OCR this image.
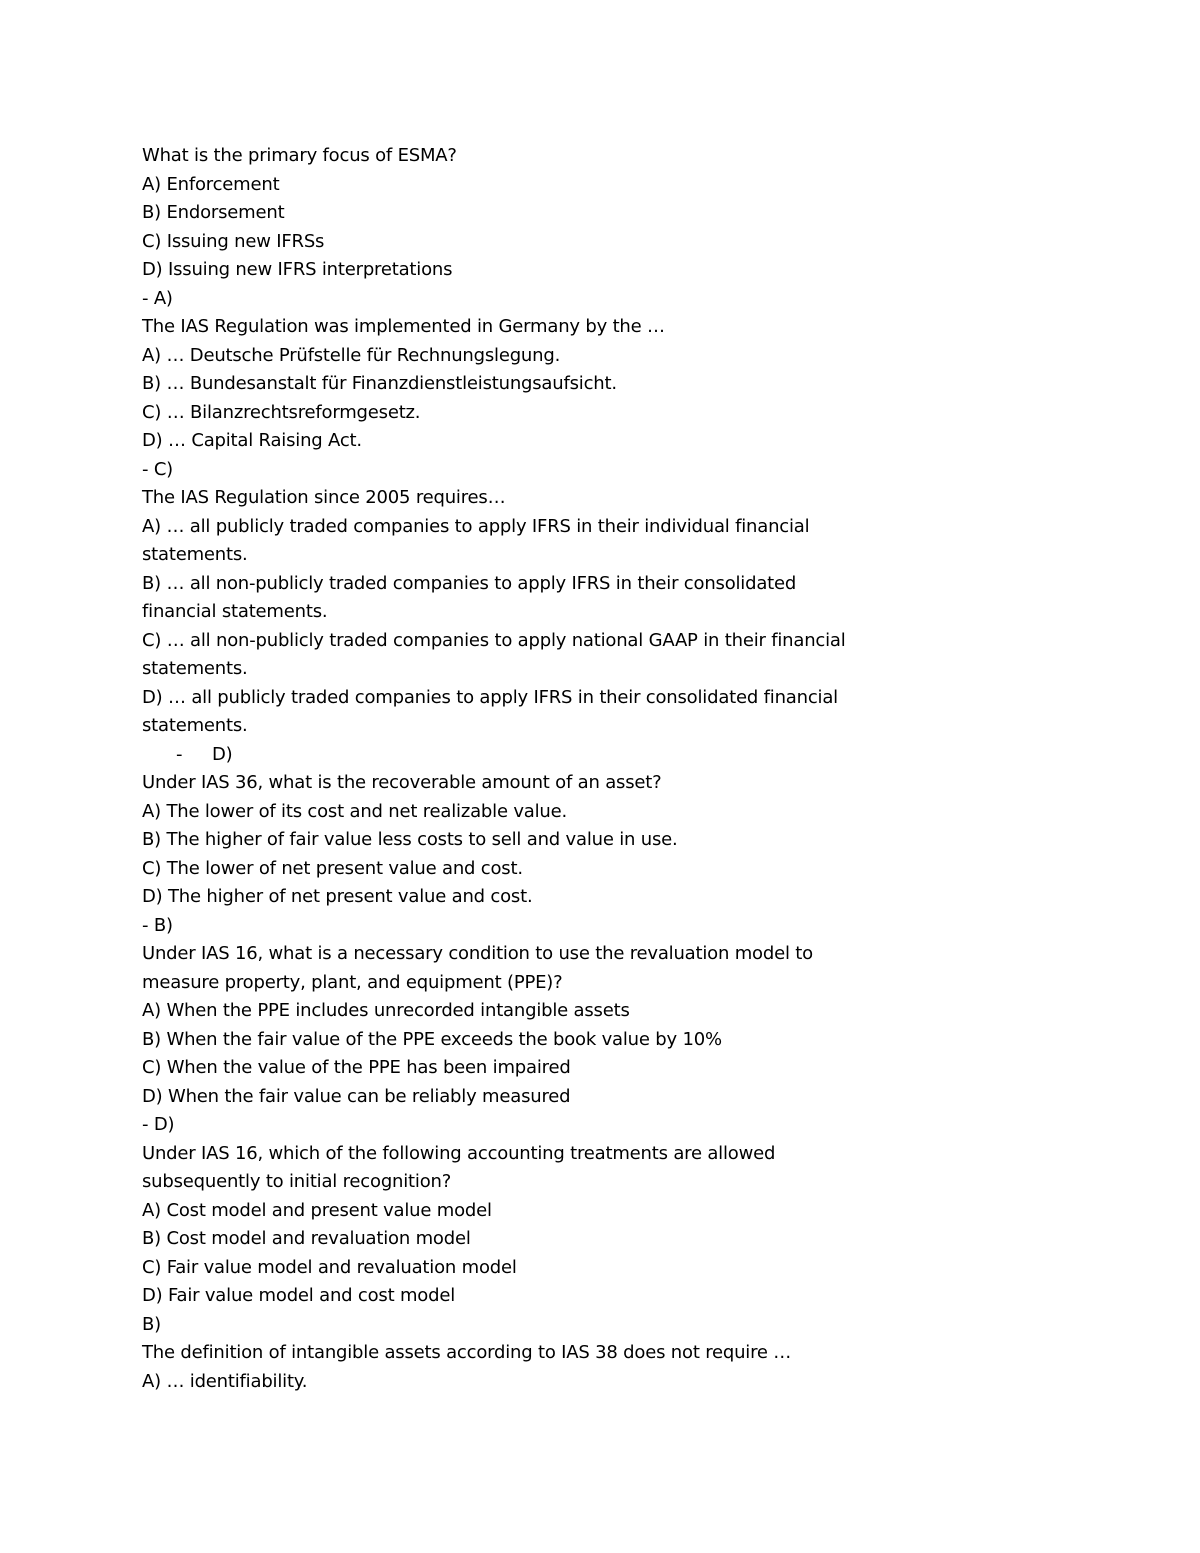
What is the primary focus of ESMA?

A) Enforcement

B) Endorsement

C) Issuing new IFRSs

D) Issuing new IFRS interpretations

- A)

The IAS Regulation was implemented in Germany by the …

A) … Deutsche Prüfstelle für Rechnungslegung.

B) … Bundesanstalt für Finanzdienstleistungsaufsicht.

C) … Bilanzrechtsreformgesetz.

D) … Capital Raising Act.

- C)

The IAS Regulation since 2005 requires…

A) … all publicly traded companies to apply IFRS in their individual financial

statements.

B) … all non-publicly traded companies to apply IFRS in their consolidated

financial statements.

C) … all non-publicly traded companies to apply national GAAP in their financial

statements.

D) … all publicly traded companies to apply IFRS in their consolidated financial

statements.

- D)

Under IAS 36, what is the recoverable amount of an asset?

A) The lower of its cost and net realizable value.

B) The higher of fair value less costs to sell and value in use.

C) The lower of net present value and cost.

D) The higher of net present value and cost.

- B)

Under IAS 16, what is a necessary condition to use the revaluation model to

measure property, plant, and equipment (PPE)?

A) When the PPE includes unrecorded intangible assets

B) When the fair value of the PPE exceeds the book value by 10%

C) When the value of the PPE has been impaired

D) When the fair value can be reliably measured

- D)

Under IAS 16, which of the following accounting treatments are allowed

subsequently to initial recognition?

A) Cost model and present value model

B) Cost model and revaluation model

C) Fair value model and revaluation model

D) Fair value model and cost model

B)

The definition of intangible assets according to IAS 38 does not require …

A) … identifiability.
